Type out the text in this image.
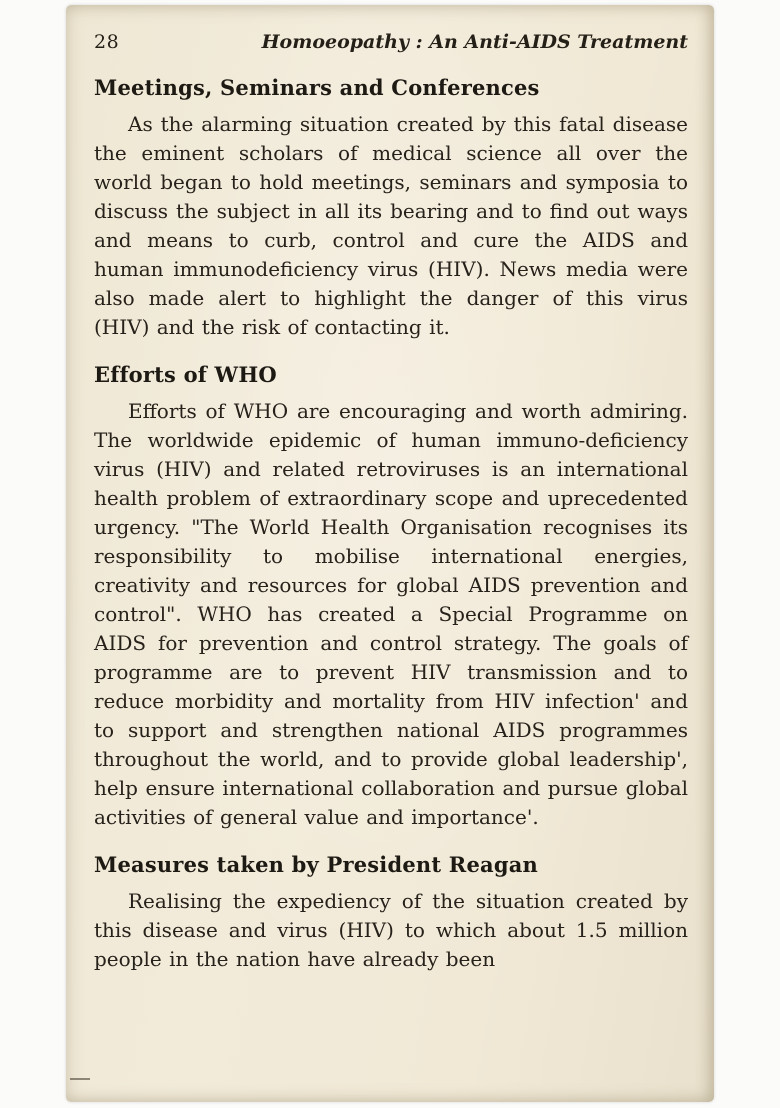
28	Homoeopathy : An Anti-AIDS Treatment
Meetings, Seminars and Conferences

As the alarming situation created by this fatal disease the eminent scholars of medical science all over the world began to hold meetings, seminars and symposia to discuss the subject in all its bearing and to find out ways and means to curb, control and cure the AIDS and human immunodeficiency virus (HIV). News media were also made alert to highlight the danger of this virus (HIV) and the risk of contacting it.

Efforts of WHO

Efforts of WHO are encouraging and worth admiring. The worldwide epidemic of human immuno-deficiency virus (HIV) and related retroviruses is an international health problem of extraordinary scope and uprecedented urgency. "The World Health Organisation recognises its responsibility to mobilise international energies, creativity and resources for global AIDS prevention and control". WHO has created a Special Programme on AIDS for prevention and control strategy. The goals of programme are to prevent HIV transmission and to reduce morbidity and mortality from HIV infection' and to support and strengthen national AIDS programmes throughout the world, and to provide global leadership', help ensure international collaboration and pursue global activities of general value and importance'.

Measures taken by President Reagan

Realising the expediency of the situation created by this disease and virus (HIV) to which about 1.5 million people in the nation have already been
